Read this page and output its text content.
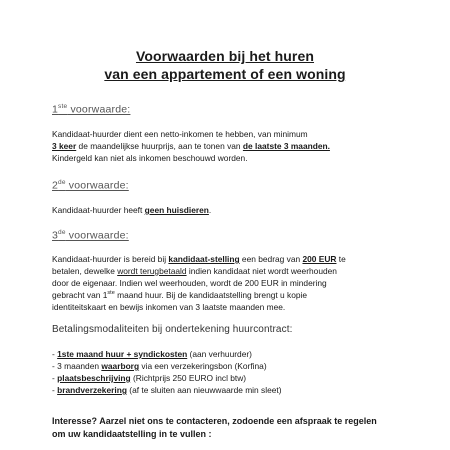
Voorwaarden bij het huren
van een appartement of een woning
1ste voorwaarde:
Kandidaat-huurder dient een netto-inkomen te hebben, van minimum
3 keer de maandelijkse huurprijs, aan te tonen van de laatste 3 maanden.
Kindergeld kan niet als inkomen beschouwd worden.
2de voorwaarde:
Kandidaat-huurder heeft geen huisdieren.
3de voorwaarde:
Kandidaat-huurder is bereid bij kandidaat-stelling een bedrag van 200 EUR te
betalen, dewelke wordt terugbetaald indien kandidaat niet wordt weerhouden
door de eigenaar. Indien wel weerhouden, wordt de 200 EUR in mindering
gebracht van 1ste maand huur. Bij de kandidaatstelling brengt u kopie
identiteitskaart en bewijs inkomen van 3 laatste maanden mee.
Betalingsmodaliteiten bij ondertekening huurcontract:
- 1ste maand huur + syndickosten (aan verhuurder)
- 3 maanden waarborg via een verzekeringsbon (Korfina)
- plaatsbeschrijving (Richtprijs 250 EURO incl btw)
- brandverzekering (af te sluiten aan nieuwwaarde min sleet)
Interesse? Aarzel niet ons te contacteren, zodoende een afspraak te regelen
om uw kandidaatstelling in te vullen :
